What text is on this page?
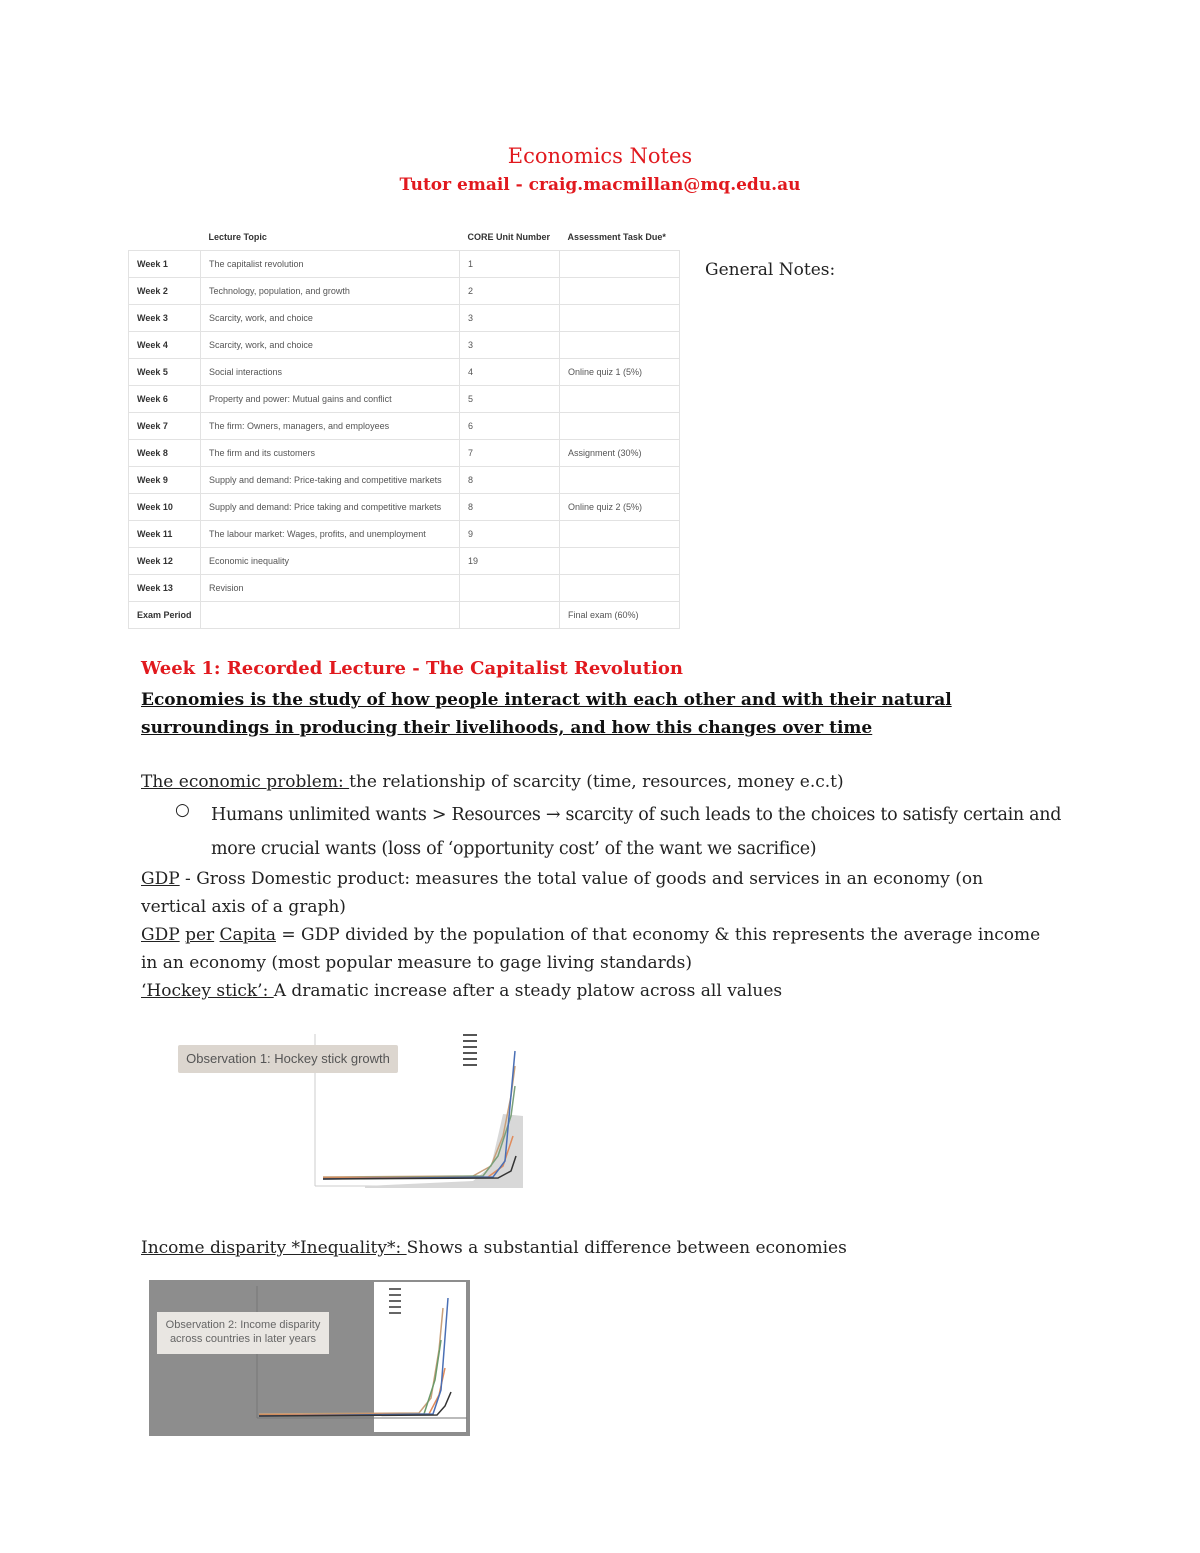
Economics Notes
Tutor email - craig.macmillan@mq.edu.au
	Lecture Topic	CORE Unit Number	Assessment Task Due*
Week 1	The capitalist revolution	1	
Week 2	Technology, population, and growth	2	
Week 3	Scarcity, work, and choice	3	
Week 4	Scarcity, work, and choice	3	
Week 5	Social interactions	4	Online quiz 1 (5%)
Week 6	Property and power: Mutual gains and conflict	5	
Week 7	The firm: Owners, managers, and employees	6	
Week 8	The firm and its customers	7	Assignment (30%)
Week 9	Supply and demand: Price-taking and competitive markets	8	
Week 10	Supply and demand: Price taking and competitive markets	8	Online quiz 2 (5%)
Week 11	The labour market: Wages, profits, and unemployment	9	
Week 12	Economic inequality	19	
Week 13	Revision		
Exam Period			Final exam (60%)
General Notes:
Week 1: Recorded Lecture - The Capitalist Revolution
Economies is the study of how people interact with each other and with their natural surroundings in producing their livelihoods, and how this changes over time
The economic problem: the relationship of scarcity (time, resources, money e.c.t)
○ Humans unlimited wants > Resources → scarcity of such leads to the choices to satisfy certain and more crucial wants (loss of ‘opportunity cost’ of the want we sacrifice)
GDP - Gross Domestic product: measures the total value of goods and services in an economy (on vertical axis of a graph)
GDP per Capita = GDP divided by the population of that economy & this represents the average income in an economy (most popular measure to gage living standards)
‘Hockey stick’: A dramatic increase after a steady platow across all values
Observation 1: Hockey stick growth
Income disparity *Inequality*: Shows a substantial difference between economies
Observation 2: Income disparity across countries in later years
